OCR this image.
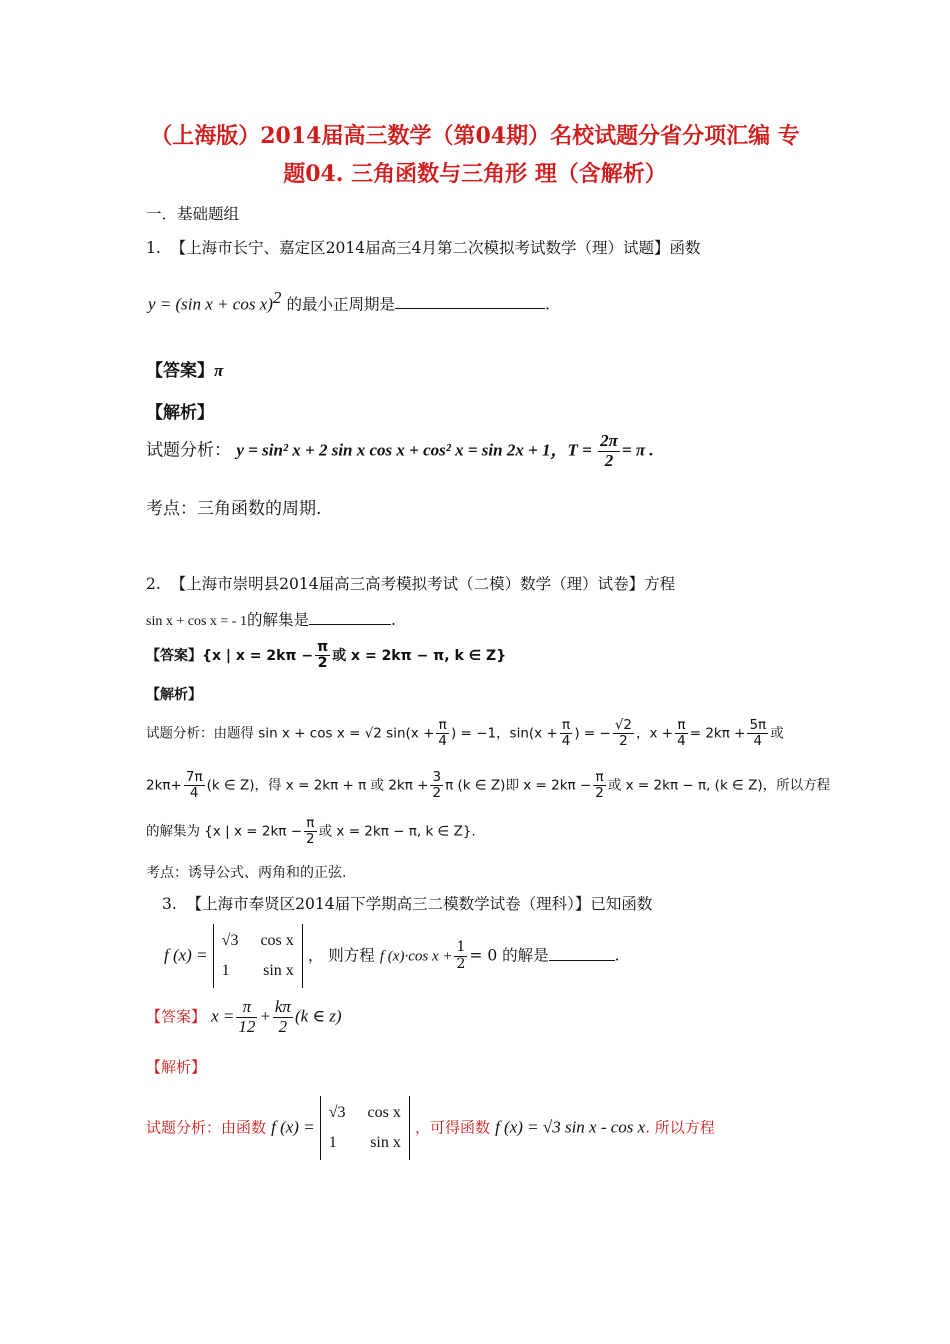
（上海版）2014届高三数学（第04期）名校试题分省分项汇编 专
题04. 三角函数与三角形 理（含解析）
一．基础题组
1. 【上海市长宁、嘉定区2014届高三4月第二次模拟考试数学（理）试题】函数
y = (sin x + cos x)$^2$ 的最小正周期是	.
【答案】π
【解析】
试题分析： y = sin² x + 2 sin x cos x + cos² x = sin 2x + 1，$T = \frac{2\pi}{2} = \pi$ .
考点：三角函数的周期.
2. 【上海市崇明县2014届高三高考模拟考试（二模）数学（理）试卷】方程
sin x + cos x = - 1的解集是	.
【答案】{x | $x = 2k\pi - \frac{\pi}{2}$ 或 x = 2kπ − π, k ∈ Z}
【解析】
试题分析：由题得 sin x + cos x = √2 $\sin(x + \frac{\pi}{4}$ ) = −1，$\sin(x + \frac{\pi}{4}$ ) = − $\frac{√2}{2}$ ，$x + \frac{\pi}{4} = 2k\pi + \frac{5\pi}{4}$ 或
$2k\pi+ \frac{7\pi}{4} (k$ ∈ Z)，得 x = 2kπ + π 或 $2k\pi + \frac{3}{2}$ π (k ∈ Z)即 $x = 2k\pi - \frac{\pi}{2}$ 或 x = 2kπ − π, (k ∈ Z)，所以方程
的解集为 {x | $x = 2k\pi - \frac{\pi}{2}$ 或 x = 2kπ − π, k ∈ Z}.
考点：诱导公式、两角和的正弦.
3. 【上海市奉贤区2014届下学期高三二模数学试卷（理科）】已知函数
f (x) =
√3 cos x
1 sin x
， 则方程 f (x)·cos $x + \frac{1}{2} = 0$ 的解是	.
【答案】 $x = \frac{\pi}{12} + \frac{k\pi}{2} (k$ ∈ z)
【解析】
试题分析：由函数 f (x) =
√3 cos x
1 sin x
，可得函数 f (x) = √3 sin x - cos x. 所以方程
